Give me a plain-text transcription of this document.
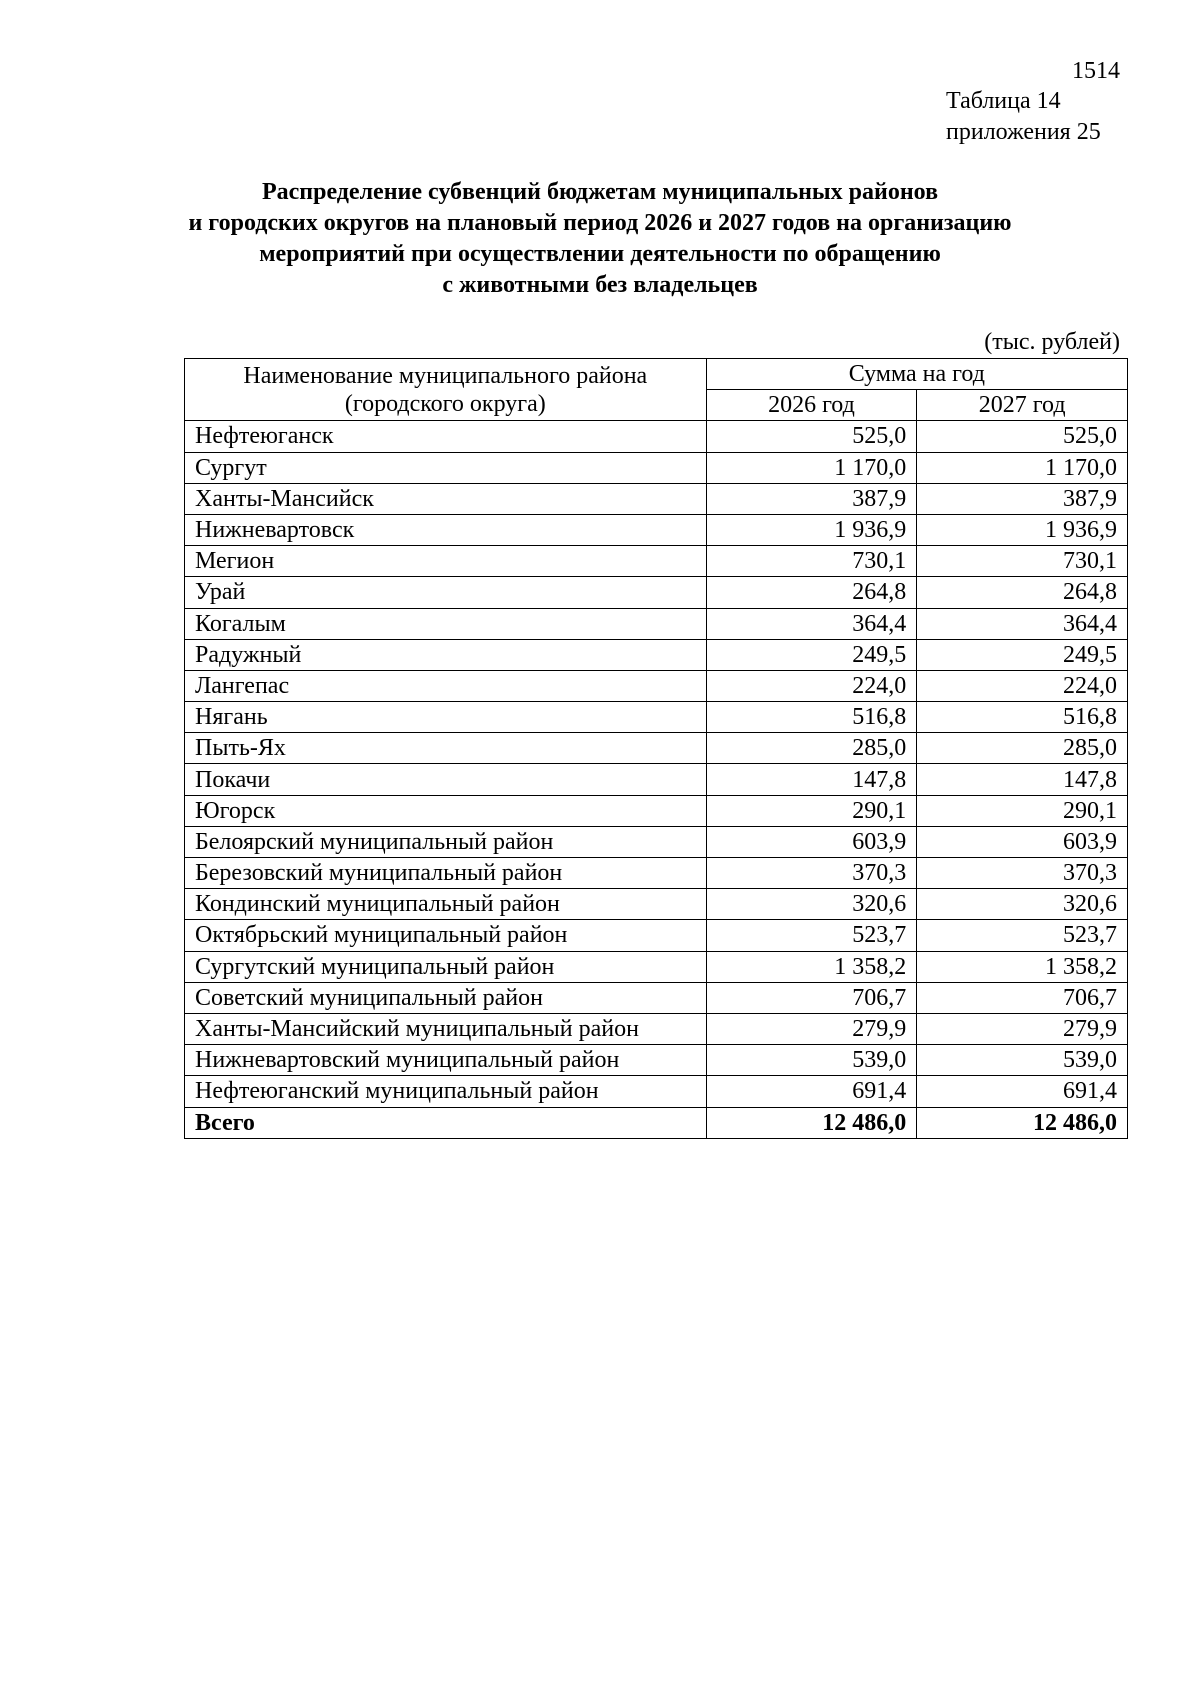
1514
Таблица 14
приложения 25
Распределение субвенций бюджетам муниципальных районов
и городских округов на плановый период 2026 и 2027 годов на организацию
мероприятий при осуществлении деятельности по обращению
с животными без владельцев
(тыс. рублей)
Наименование муниципального района
(городского округа)	Сумма на год	
	2026 год	2027 год
Нефтеюганск	525,0	525,0
Сургут	1 170,0	1 170,0
Ханты-Мансийск	387,9	387,9
Нижневартовск	1 936,9	1 936,9
Мегион	730,1	730,1
Урай	264,8	264,8
Когалым	364,4	364,4
Радужный	249,5	249,5
Лангепас	224,0	224,0
Нягань	516,8	516,8
Пыть-Ях	285,0	285,0
Покачи	147,8	147,8
Югорск	290,1	290,1
Белоярский муниципальный район	603,9	603,9
Березовский муниципальный район	370,3	370,3
Кондинский муниципальный район	320,6	320,6
Октябрьский муниципальный район	523,7	523,7
Сургутский муниципальный район	1 358,2	1 358,2
Советский муниципальный район	706,7	706,7
Ханты-Мансийский муниципальный район	279,9	279,9
Нижневартовский муниципальный район	539,0	539,0
Нефтеюганский муниципальный район	691,4	691,4
Всего	12 486,0	12 486,0
